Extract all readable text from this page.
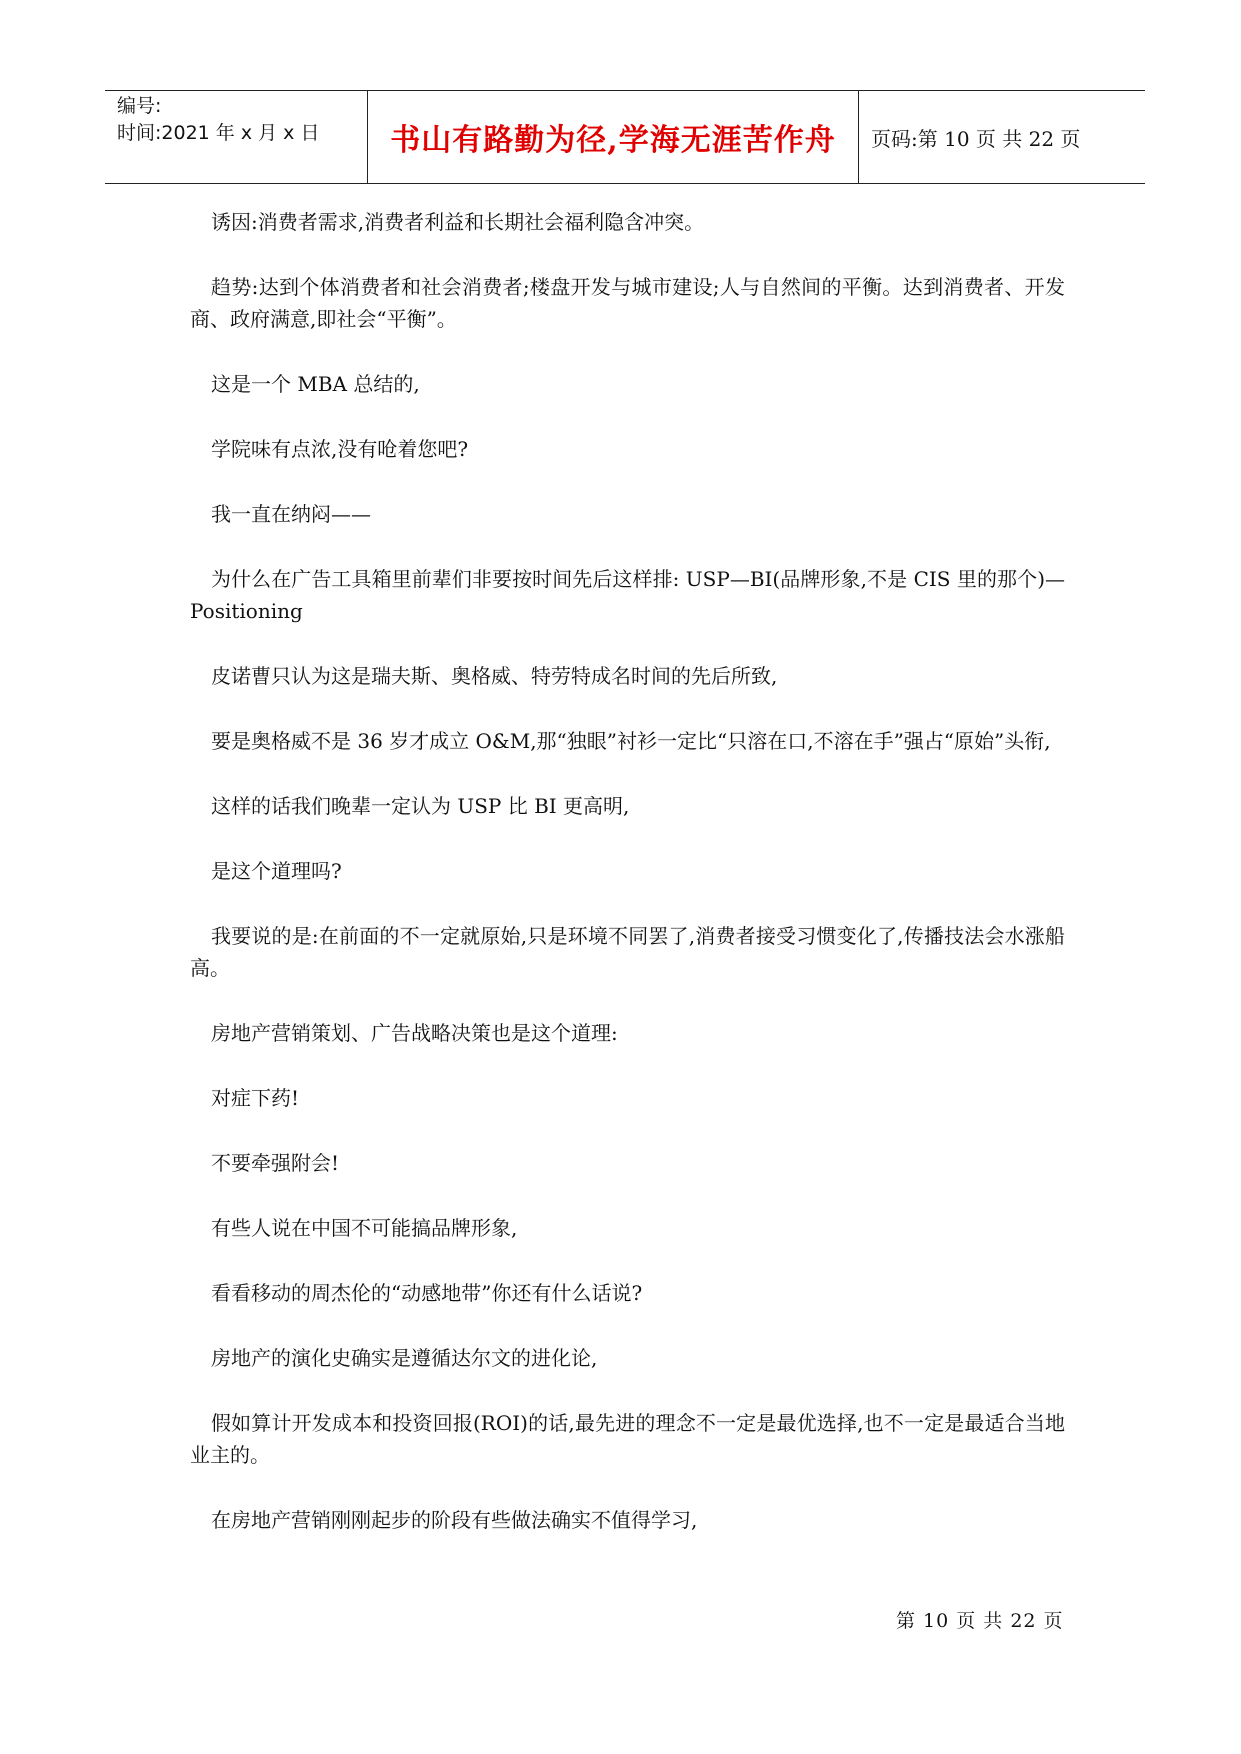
编号:
时间:2021 年 x 月 x 日	书山有路勤为径,学海无涯苦作舟	页码:第 10 页 共 22 页

诱因:消费者需求,消费者利益和长期社会福利隐含冲突。

趋势:达到个体消费者和社会消费者;楼盘开发与城市建设;人与自然间的平衡。达到消费者、开发商、政府满意,即社会“平衡”。

这是一个 MBA 总结的,

学院味有点浓,没有呛着您吧?

我一直在纳闷——

为什么在广告工具箱里前辈们非要按时间先后这样排: USP—BI(品牌形象,不是 CIS 里的那个)—Positioning

皮诺曹只认为这是瑞夫斯、奥格威、特劳特成名时间的先后所致,

要是奥格威不是 36 岁才成立 O&M,那“独眼”衬衫一定比“只溶在口,不溶在手”强占“原始”头衔,

这样的话我们晚辈一定认为 USP 比 BI 更高明,

是这个道理吗?

我要说的是:在前面的不一定就原始,只是环境不同罢了,消费者接受习惯变化了,传播技法会水涨船高。

房地产营销策划、广告战略决策也是这个道理:

对症下药!

不要牵强附会!

有些人说在中国不可能搞品牌形象,

看看移动的周杰伦的“动感地带”你还有什么话说?

房地产的演化史确实是遵循达尔文的进化论,

假如算计开发成本和投资回报(ROI)的话,最先进的理念不一定是最优选择,也不一定是最适合当地业主的。

在房地产营销刚刚起步的阶段有些做法确实不值得学习,

第 10 页 共 22 页
